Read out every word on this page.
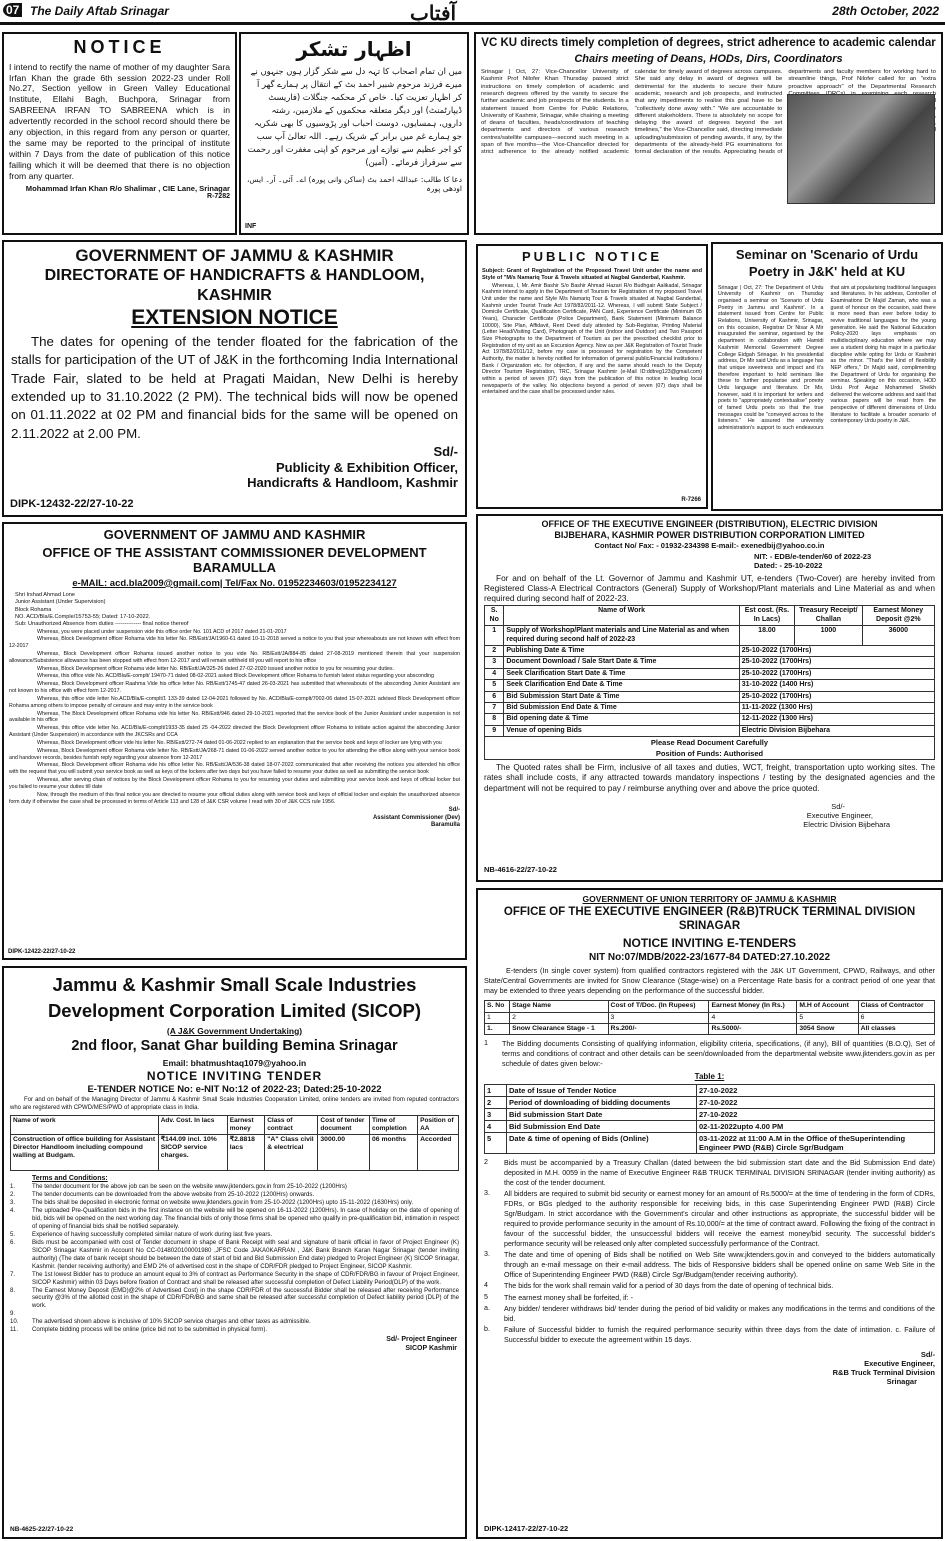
07 The Daily Aftab Srinagar	آفتاب	28th October, 2022
NOTICE

I intend to rectify the name of mother of my daughter Sara Irfan Khan the grade 6th session 2022-23 under Roll No.27, Section yellow in Green Valley Educational Institute, Ellahi Bagh, Buchpora, Srinagar from SABREENA IRFAN TO SABREENA which is in advertently recorded in the school record should there be any objection, in this regard from any person or quarter, the same may be reported to the principal of institute within 7 Days from the date of publication of this notice failing which it will be deemed that there is no objection from any quarter.

Mohammad Irfan Khan R/o Shalimar , CIE Lane, Srinagar
R-7282
اظہار تشکر

میں ان تمام اصحاب کا تہہ دل سے شکر گزار ہوں جنہوں نے میرے فرزند مرحوم شبیر احمد بٹ کے انتقال پر ہمارے گھر آ کر اظہار تعزیت کیا۔ خاص کر محکمہ جنگلات (فاریسٹ ڈیپارٹمنٹ) اور دیگر متعلقہ محکموں کے ملازمین، رشتہ داروں، ہمسایوں، دوست احباب اور پڑوسیوں کا بھی شکریہ جو ہمارے غم میں برابر کے شریک رہے۔ اللہ تعالیٰ آپ سب کو اجر عظیم سے نوازے اور مرحوم کو اپنی مغفرت اور رحمت سے سرفراز فرمائے۔ (آمین)

دعا کا طالب: عبداللہ احمد بٹ (ساکن وانی پورہ) اے۔ آئی۔ آر۔ ایس، اودھی پورہ

INF
VC KU directs timely completion of degrees, strict adherence to academic calendar
Chairs meeting of Deans, HODs, Dirs, Coordinators

Srinagar | Oct, 27: Vice-Chancellor University of Kashmir Prof Nilofer Khan Thursday passed strict instructions on timely completion of academic and research degrees offered by the varsity to secure the further academic and job prospects of the students. In a statement issued from Centre for Public Relations, University of Kashmir, Srinagar, while chairing a meeting of deans of faculties, heads/coordinators of teaching departments and directors of various research centres/satellite campuses—second such meeting in a span of five months—the Vice-Chancellor directed for strict adherence to the already notified academic calendar for timely award of degrees across campuses. She said any delay in award of degrees will be detrimental for the students to secure their future academic, research and job prospects, and instructed that any impediments to realise this goal have to be "collectively done away with." "We are accountable to different stakeholders. There is absolutely no scope for delaying the award of degrees beyond the set timelines," the Vice-Chancellor said, directing immediate uploading/submission of pending awards, if any, by the departments of the already-held PG examinations for formal declaration of the results. Appreciating heads of departments and faculty members for working hard to streamline things, Prof Nilofer called for an "extra proactive approach" of the Departmental Research

GOVERNMENT OF JAMMU & KASHMIR
DIRECTORATE OF HANDICRAFTS & HANDLOOM, KASHMIR
EXTENSION NOTICE

The dates for opening of the tender floated for the fabrication of the stalls for participation of the UT of J&K in the forthcoming India International Trade Fair, slated to be held at Pragati Maidan, New Delhi is hereby extended up to 31.10.2022 (2 PM). The technical bids will now be opened on 01.11.2022 at 02 PM and financial bids for the same will be opened on 2.11.2022 at 2.00 PM.

Sd/-
Publicity & Exhibition Officer,
Handicrafts & Handloom, Kashmir
DIPK-12432-22/27-10-22
PUBLIC NOTICE

Subject: Grant of Registration of the Proposed Travel Unit under the name and Style of "M/s Namariq Tour & Travels situated at Nagbal Ganderbal, Kashmir.

Whereas, I, Mr. Amir Bashir S/o Bashir Ahmad Hazari R/o Budhgair Aalikadal, Srinagar Kashmir intend to apply in the Department of Tourism for Registration of my proposed Travel Unit under the name and Style M/s Namariq Tour & Travels situated at Nagbal Ganderbal, Kashmir under Tourist Trade Act 1978/82/2011-12. Whereas, I will submit State Subject / Domicile Certificate, Qualification Certificate, PAN Card, Experience Certificate (Minimum 05 Years), Character Certificate (Police Department), Bank Statement (Minimum Balance 10000), Site Plan, Affidavit, Rent Deed duly attested by Sub-Registrar, Printing Material (Letter Head/Visiting Card), Photograph of the Unit (indoor and Outdoor) and Two Passport Size Photographs to the Department of Tourism as per the prescribed checklist prior to Registration of my unit as an Excursion Agency. Now as per J&K Registration of Tourist Trade Act 1978/82/2011/12, before my case is processed for registration by the Competent Authority, the matter is hereby notified for information of general public/Financial institutions / Bank / Organization etc. for objection, if any and the same should reach to the Deputy Director Tourism Registration, TRC, Srinagar Kashmir (e-Mail ID:ddtreg123@gmail.com) within a period of seven (07) days from the publication of this notice in leading local newspaper/s of the valley. No objections beyond a period of seven (07) days shall be entertained and the case shall be processed under rules.

R-7266
Seminar on 'Scenario of Urdu Poetry in J&K' held at KU

Srinagar | Oct, 27: The Department of Urdu University of Kashmir on Thursday organised a seminar on 'Scenario of Urdu Poetry in Jammu and Kashmir'. In a statement issued from Centre for Public Relations, University of Kashmir, Srinagar, on this occasion, Registrar Dr Nisar A Mir inaugurated the seminar, organised by the department in collaboration with Hamidi Kashmiri Memorial Government Degree College Eidgah Srinagar. In his presidential address, Dr Mir said Urdu as a language has that unique sweetness and impact and it's therefore important to hold seminars like these to further popularise and promote Urdu language and literature. Dr Mir, however, said it is important for writers and poets to "appropriately contextualise" poetry of famed Urdu poets so that the true messages could be "conveyed across to the listeners." He assured the university administration's support to such endeavours that aim at popularising traditional languages and literatures. In his address, Controller of Examinations Dr Majid Zaman, who was a guest of honour on the occasion, said there is more need than ever before today to revive traditional languages for the young generation. He said the National Education Policy-2020 lays emphasis on multidisciplinary education where we may see a student doing his major in a particular discipline while opting for Urdu or Kashmiri as the minor. "That's the kind of flexibility NEP offers," Dr Majid said, complimenting the Department of Urdu for organising the seminar. Speaking on this occasion, HOD Urdu Prof Aejaz Mohammed Sheikh delivered the welcome address and said that various papers will be read from the perspective of different dimensions of Urdu literature to facilitate a broader scenario of contemporary Urdu poetry in J&K.

GOVERNMENT OF JAMMU AND KASHMIR
OFFICE OF THE ASSISTANT COMMISSIONER DEVELOPMENT BARAMULLA
e-MAIL: acd.bla2009@gmail.com| Tel/Fax No. 01952234603/01952234127
Shri Irshad Ahmad Lone
Junior Assistant (Under Supervision)
Block Rohama
NO. ACD/Bla/E.Comple/15753-55; Dated: 17-10-2022.
Sub: Unauthorized Absence from duties -------------- final notice thereof

Whereas, you were placed under suspension vide this office order No. 101 ACD of 2017 dated 21-01-2017

Whereas, Block Development officer Rohama vide his letter No. RB/Estt/JA/1960-61 dated 10-11-2018 served a notice to you that your whereabouts are not known with effect from 12-2017

Whereas, Block Development officer Rohama issued another notice to you vide No. RB/Estt/JA/884-85 dated 27-08-2019 mentioned therein that your suspension allowance/Subsistence allowance has been stopped with effect from 12-2017 and will remain withheld till you will report to his office

Whereas, Block Development officer Rohama vide letter No. RB/Estt/JA/325-26 dated 27-02-2020 issued another notice to you for resuming your duties.

Whereas, this office vide No. ACD/Bla/E-complt/ 19470-71 dated 08-02-2021 asked Block Development officer Rohama to furnish latest status regarding your absconding

Whereas, Block Development officer Raahma Vide his office letter No. RB/Estt/1745-47 dated 26-03-2021 has submitted that whereabouts of the absconding Junior Assistant are not known to his office with effect form 12-2017.

Whereas, this office vide letter No.ACD/Bla/E-complt/1 133-39 dated 12-04-2021 followed by No. ACD/Bla/E-complt/7002-06 dated 15-07-2021 advised Block Development officer Rohama among others to impose penalty of censure and may entry in the service book

Whereas, The Block Development officer Rohama vide his letter No. RB/Estt/946 dated 29-10-2021 reported that the service book of the Junior Assistant under suspension is not available in his office

Whereas, this office vide letter No. ACD/Bla/E-complt/1933-35 dated 25 -04-2022 directed the Block Development officer Rohama to initiate action against the absconding Junior Assistant (Under Suspension) in accordance with the JKCSRs and CCA

Whereas, Block Development officer vide his letter No. RB/Estt/272-74 dated 01-06-2022 replied to an explanation that the service book and keys of locker are lying with you

Whereas, Block Development officer Rohama vide letter No. RB/Estt/JA/268-71 dated 01-06-2022 served another notice to you for attending the office along with your service book and handover records, besides furnish reply regarding your absence from 12-2017

Whereas, Block Development officer Rohama vide his office letter No. RB/Estt/JA/536-38 dated 18-07-2022 communicated that after receiving the notices you attended his office with the request that you will submit your service book as well as keys of the lockers after two days but you have failed to resume your duties as well as submitting the service book

Whereas, after serving chain of notices by the Block Development officer Rohama to you for resuming your duties and submitting your service book and keys of official locker but you failed to resume your duties till date

Now, through the medium of this final notice you are directed to resume your official duties along with service book and keys of official locker and explain the unauthorized absence form duty if otherwise the case shall be processed in terms of Article 113 and 128 of J&K CSR volume I read with 30 of J&K CCS rule 1956.

Sd/-
Assistant Commissioner (Dev)
Baramulla
DIPK-12422-22/27-10-22
OFFICE OF THE EXECUTIVE ENGINEER (DISTRIBUTION), ELECTRIC DIVISION
BIJBEHARA, KASHMIR POWER DISTRIBUTION CORPORATION LIMITED
Contact No/ Fax: - 01932-234398 E-mail:- exenedbij@yahoo.co.in
NIT: - EDB/e-tender/60 of 2022-23
Dated: - 25-10-2022

For and on behalf of the Lt. Governor of Jammu and Kashmir UT, e-tenders (Two-Cover) are hereby invited from Registered Class-A Electrical Contractors (General) Supply of Workshop/Plant materials and Line Material as and when required during second half of 2022-23.

S. No	Name of Work	Est cost. (Rs. In Lacs)	Treasury Receipt/ Challan	Earnest Money Deposit @2%
1	Supply of Workshop/Plant materials and Line Material as and when required during second half of 2022-23	18.00	1000	36000
2	Publishing Date & Time	25-10-2022 (1700Hrs)		
3	Document Download / Sale Start Date & Time	25-10-2022 (1700Hrs)		
4	Seek Clarification Start Date & Time	25-10-2022 (1700Hrs)		
5	Seek Clarification End Date & Time	31-10-2022 (1400 Hrs)		
6	Bid Submission Start Date & Time	25-10-2022 (1700Hrs)		
7	Bid Submission End Date & Time	11-11-2022 (1300 Hrs)		
8	Bid opening date & Time	12-11-2022 (1300 Hrs)		
9	Venue of opening Bids	Electric Division Bijbehara		
Please Read Document Carefully				
Position of Funds: Authorised				

The Quoted rates shall be Firm, inclusive of all taxes and duties, WCT, freight, transportation upto working sites. The rates shall include costs, if any attracted towards mandatory inspections / testing by the designated agencies and the department will not be required to pay / reimburse anything over and above the price quoted.

Sd/-
Executive Engineer,
Electric Division Bijbehara
NB-4616-22/27-10-22
Jammu & Kashmir Small Scale Industries Development Corporation Limited (SICOP)
(A J&K Government Undertaking)
2nd floor, Sanat Ghar building Bemina Srinagar
Email: bhatmushtaq1079@yahoo.in
NOTICE INVITING TENDER
E-TENDER NOTICE No: e-NIT No:12 of 2022-23; Dated:25-10-2022

For and on behalf of the Managing Director of Jammu & Kashmir Small Scale Industries Cooperation Limited, online tenders are invited from reputed contractors who are registered with CPWD/MES/PWD of appropriate class in India.

Name of work	Adv. Cost. In lacs	Earnest money	Class of contract	Cost of tender document	Time of completion	Position of AA
Construction of office building for Assistant Director Handloom including compound walling at Budgam.	₹144.09 incl. 10% SICOP service charges.	₹2.8818 lacs	"A" Class civil & electrical	3000.00	06 months	Accorded
Terms and Conditions:
1.	The tender document for the above job can be seen on the website www.jktenders.gov.in from 25-10-2022 (1200Hrs)
2.	The tender documents can be downloaded from the above website from 25-10-2022 (1200Hrs) onwards.
3.	The bids shall be deposited in electronic format on website www.jktenders.gov.in from 25-10-2022 (1200Hrs) upto 15-11-2022 (1630Hrs) only.
4.	The uploaded Pre-Qualification bids in the first instance on the website will be opened on 16-11-2022 (1200Hrs). In case of holiday on the date of opening of bid, bids will be opened on the next working day. The financial bids of only those firms shall be opened who qualify in pre-qualification bid, intimation in respect of opening of financial bids shall be notified separately.
5.	Experience of having successfully completed similar nature of work during last five years.
6.	Bids must be accompanied with cost of Tender document in shape of Bank Receipt with seal and signature of bank official in favor of Project Engineer (K) SICOP Srinagar Kashmir in Account No CC-0148020100001980 ,JFSC Code JAKA0KARRAN , J&K Bank Branch Karan Nagar Srinagar (tender inviting authority) (The date of bank receipt should be between the date of start of bid and Bid Submission End date) pledged to Project Engineer (K) SICOP Srinagar, Kashmir. (tender receiving authority) and EMD 2% of advertised cost in the shape of CDR/FDR pledged to Project Engineer, SICOP Kashmir.
7.	The 1st lowest Bidder has to produce an amount equal to 3% of contract as Performance Security in the shape of CDR/FDR/BG in favour of Project Engineer, SICOP Kashmir) within 03 Days before fixation of Contract and shall be released after successful completion of Defect Liability Period(DLP) of the work.
8.	The Earnest Money Deposit (EMD)@2% of Advertised Cost) in the shape CDR/FDR of the successful Bidder shall be released after receiving Performance security @3% of the allotted cost in the shape of CDR/FDR/BG and same shall be released after successful completion of Defect liability period (DLP) of the work.
9.
10.	The advertised shown above is inclusive of 10% SICOP service charges and other taxes as admissible.
11.	Complete bidding process will be online (price bid not to be submitted in physical form).
Sd/- Project Engineer
SICOP Kashmir
NB-4625-22/27-10-22
GOVERNMENT OF UNION TERRITORY OF JAMMU & KASHMIR
OFFICE OF THE EXECUTIVE ENGINEER (R&B)TRUCK TERMINAL DIVISION SRINAGAR
NOTICE INVITING E-TENDERS
NIT No:07/MDB/2022-23/1677-84 DATED:27.10.2022

E-tenders (In single cover system) from qualified contractors registered with the J&K UT Government, CPWD, Railways, and other State/Central Governments are invited for Snow Clearance (Stage-wise) on a Percentage Rate basis for a contract period of one year that may be extended to three years depending on the performance of the successful bidder.

S. No	Stage Name	Cost of T/Doc. (In Rupees)	Earnest Money (In Rs.)	M.H of Account	Class of Contractor
1	2	3	4	5	6
1.	Snow Clearance Stage - 1	Rs.200/-	Rs.5000/-	3054 Snow	All classes
1	The Bidding documents Consisting of qualifying information, eligibility criteria, specifications, (if any), Bill of quantities (B.O.Q), Set of terms and conditions of contract and other details can be seen/downloaded from the departmental website www.jktenders.gov.in as per schedule of dates given below:-

Table 1:
1	Date of Issue of Tender Notice	27-10-2022
2	Period of downloading of bidding documents	27-10-2022
3	Bid submission Start Date	27-10-2022
4	Bid Submission End Date	02-11-2022upto 4.00 PM
5	Date & time of opening of Bids (Online)	03-11-2022 at 11:00 A.M in the Office of theSuperintending Engineer PWD (R&B) Circle Sgr/Budgam
2	Bids must be accompanied by a Treasury Challan (dated between the bid submission start date and the Bid Submission End date) deposited in M.H. 0059 in the name of Executive Engineer R&B TRUCK TERMINAL DIVISION SRINAGAR (tender inviting authority) as the cost of the tender document.

3.	All bidders are required to submit bid security or earnest money for an amount of Rs.5000/= at the time of tendering in the form of CDRs, FDRs, or BGs pledged to the authority responsible for receiving bids, in this case Superintending Engineer PWD (R&B) Circle Sgr/Budgam. In strict accordance with the Government's circular and other instructions as appropriate, the successful bidder will be required to provide performance security in the amount of Rs.10,000/= at the time of contract award. Following the fixing of the contract in favour of the successful bidder, the unsuccessful bidders will receive the earnest money/bid security. The successful bidder's performance security will be released only after completed successfully performance of the Contract.

3.	The date and time of opening of Bids shall be notified on Web Site www.jktenders.gov.in and conveyed to the bidders automatically through an e-mail message on their e-mail address. The bids of Responsive bidders shall be opened online on same Web Site in the Office of Superintending Engineer PWD (R&B) Circle Sgr/Budgam(tender receiving authority).

4	The bids for the work shall remain valid for a period of 30 days from the date of opening of technical bids.

5	The earnest money shall be forfeited, if: -

a.	Any bidder/ tenderer withdraws bid/ tender during the period of bid validity or makes any modifications in the terms and conditions of the bid.

b.	Failure of Successful bidder to furnish the required performance security within three days from the date of intimation. c. Failure of Successful bidder to execute the agreement within 15 days.

Sd/-
Executive Engineer,
R&B Truck Terminal Division
Srinagar
DIPK-12417-22/27-10-22
